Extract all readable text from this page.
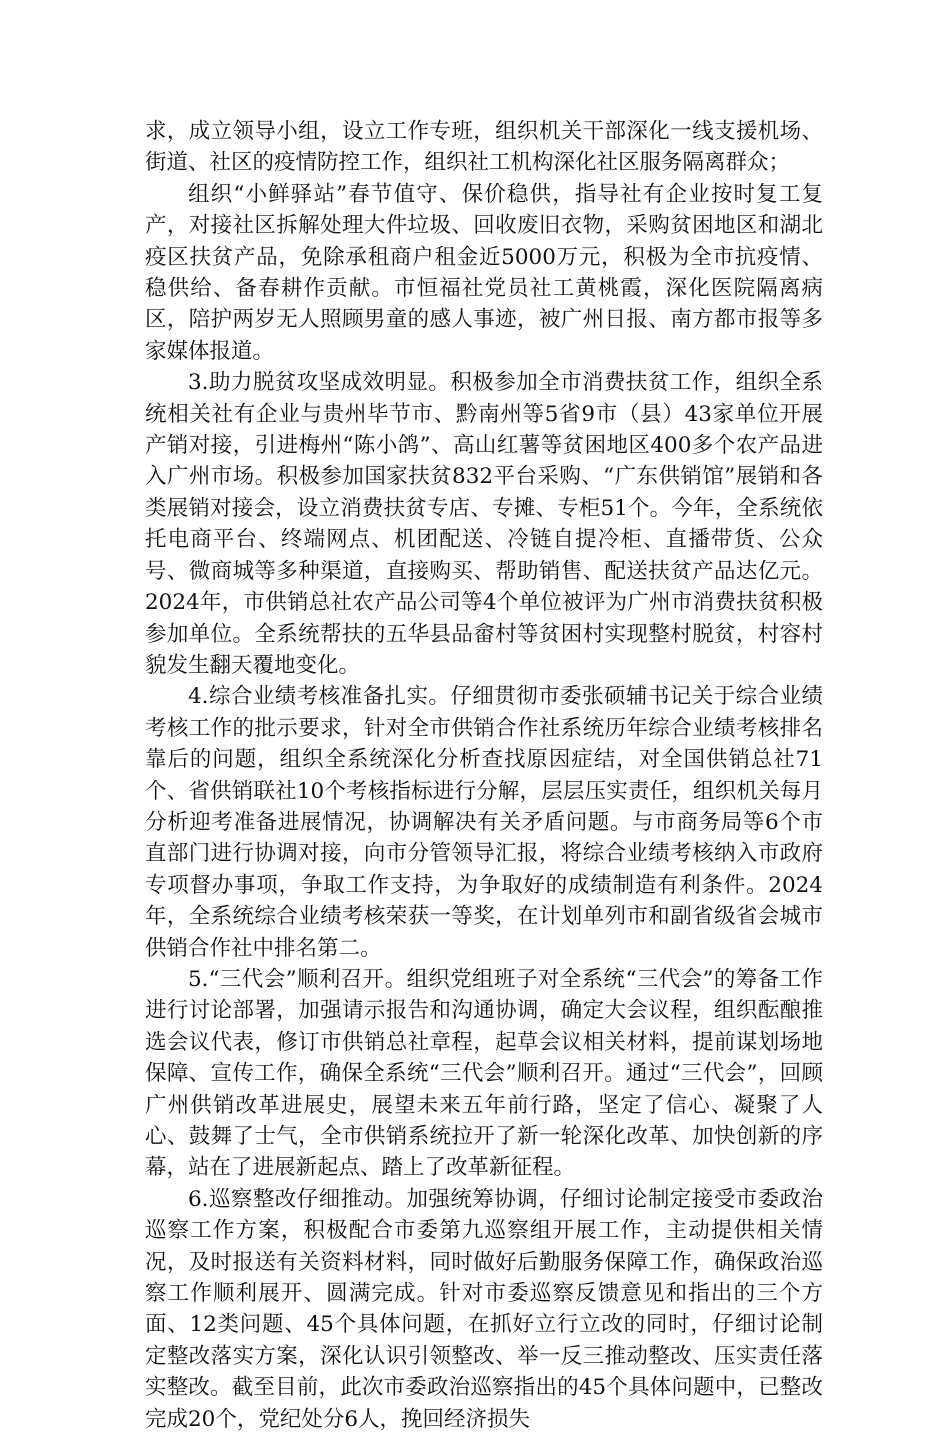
求，成立领导小组，设立工作专班，组织机关干部深化一线支援机场、街道、社区的疫情防控工作，组织社工机构深化社区服务隔离群众；

组织“小鲜驿站”春节值守、保价稳供，指导社有企业按时复工复产，对接社区拆解处理大件垃圾、回收废旧衣物，采购贫困地区和湖北疫区扶贫产品，免除承租商户租金近5000万元，积极为全市抗疫情、稳供给、备春耕作贡献。市恒福社党员社工黄桃霞，深化医院隔离病区，陪护两岁无人照顾男童的感人事迹，被广州日报、南方都市报等多家媒体报道。

3.助力脱贫攻坚成效明显。积极参加全市消费扶贫工作，组织全系统相关社有企业与贵州毕节市、黔南州等5省9市（县）43家单位开展产销对接，引进梅州“陈小鸽”、高山红薯等贫困地区400多个农产品进入广州市场。积极参加国家扶贫832平台采购、“广东供销馆”展销和各类展销对接会，设立消费扶贫专店、专摊、专柜51个。今年，全系统依托电商平台、终端网点、机团配送、冷链自提冷柜、直播带货、公众号、微商城等多种渠道，直接购买、帮助销售、配送扶贫产品达亿元。2024年，市供销总社农产品公司等4个单位被评为广州市消费扶贫积极参加单位。全系统帮扶的五华县品畲村等贫困村实现整村脱贫，村容村貌发生翻天覆地变化。

4.综合业绩考核准备扎实。仔细贯彻市委张硕辅书记关于综合业绩考核工作的批示要求，针对全市供销合作社系统历年综合业绩考核排名靠后的问题，组织全系统深化分析查找原因症结，对全国供销总社71个、省供销联社10个考核指标进行分解，层层压实责任，组织机关每月分析迎考准备进展情况，协调解决有关矛盾问题。与市商务局等6个市直部门进行协调对接，向市分管领导汇报，将综合业绩考核纳入市政府专项督办事项，争取工作支持，为争取好的成绩制造有利条件。2024年，全系统综合业绩考核荣获一等奖，在计划单列市和副省级省会城市供销合作社中排名第二。

5.“三代会”顺利召开。组织党组班子对全系统“三代会”的筹备工作进行讨论部署，加强请示报告和沟通协调，确定大会议程，组织酝酿推选会议代表，修订市供销总社章程，起草会议相关材料，提前谋划场地保障、宣传工作，确保全系统“三代会”顺利召开。通过“三代会”，回顾广州供销改革进展史，展望未来五年前行路，坚定了信心、凝聚了人心、鼓舞了士气，全市供销系统拉开了新一轮深化改革、加快创新的序幕，站在了进展新起点、踏上了改革新征程。

6.巡察整改仔细推动。加强统筹协调，仔细讨论制定接受市委政治巡察工作方案，积极配合市委第九巡察组开展工作，主动提供相关情况，及时报送有关资料材料，同时做好后勤服务保障工作，确保政治巡察工作顺利展开、圆满完成。针对市委巡察反馈意见和指出的三个方面、12类问题、45个具体问题，在抓好立行立改的同时，仔细讨论制定整改落实方案，深化认识引领整改、举一反三推动整改、压实责任落实整改。截至目前，此次市委政治巡察指出的45个具体问题中，已整改完成20个，党纪处分6人，挽回经济损失
